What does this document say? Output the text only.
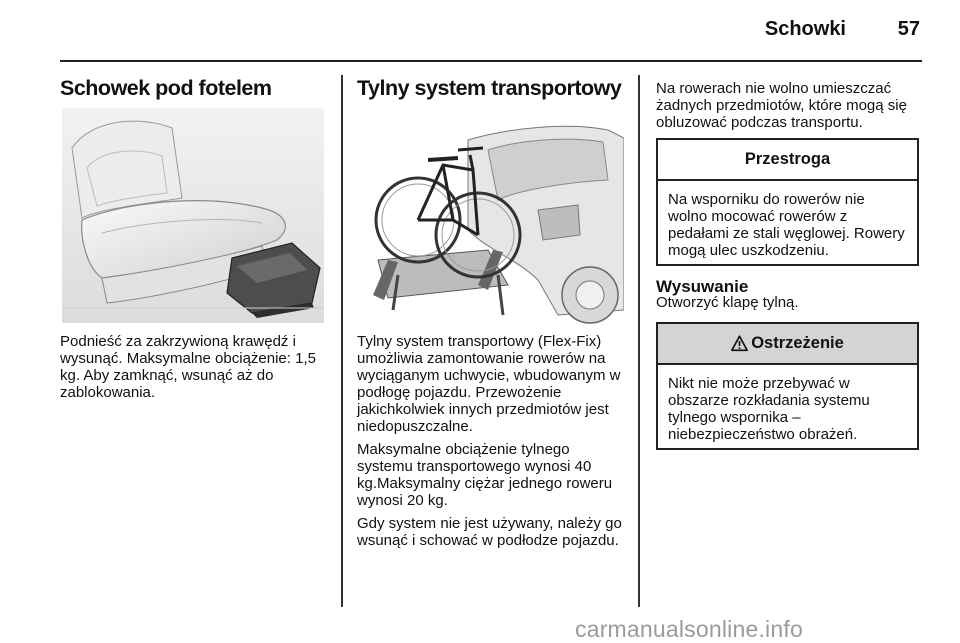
Schowki	57
Schowek pod fotelem

Podnieść za zakrzywioną krawędź i wysunąć. Maksymalne obciążenie: 1,5 kg. Aby zamknąć, wsunąć aż do zablokowania.

Tylny system transportowy

Tylny system transportowy (Flex-Fix) umożliwia zamontowanie rowerów na wyciąganym uchwycie, wbudowanym w podłogę pojazdu. Przewożenie jakichkolwiek innych przedmiotów jest niedopuszczalne.

Maksymalne obciążenie tylnego systemu transportowego wynosi 40 kg.Maksymalny ciężar jednego roweru wynosi 20 kg.

Gdy system nie jest używany, należy go wsunąć i schować w podłodze pojazdu.

Na rowerach nie wolno umieszczać żadnych przedmiotów, które mogą się obluzować podczas transportu.

Przestroga
Na wsporniku do rowerów nie wolno mocować rowerów z pedałami ze stali węglowej. Rowery mogą ulec uszkodzeniu.
Wysuwanie

Otworzyć klapę tylną.

Ostrzeżenie
Nikt nie może przebywać w obszarze rozkładania systemu tylnego wspornika – niebezpieczeństwo obrażeń.
carmanualsonline.info
